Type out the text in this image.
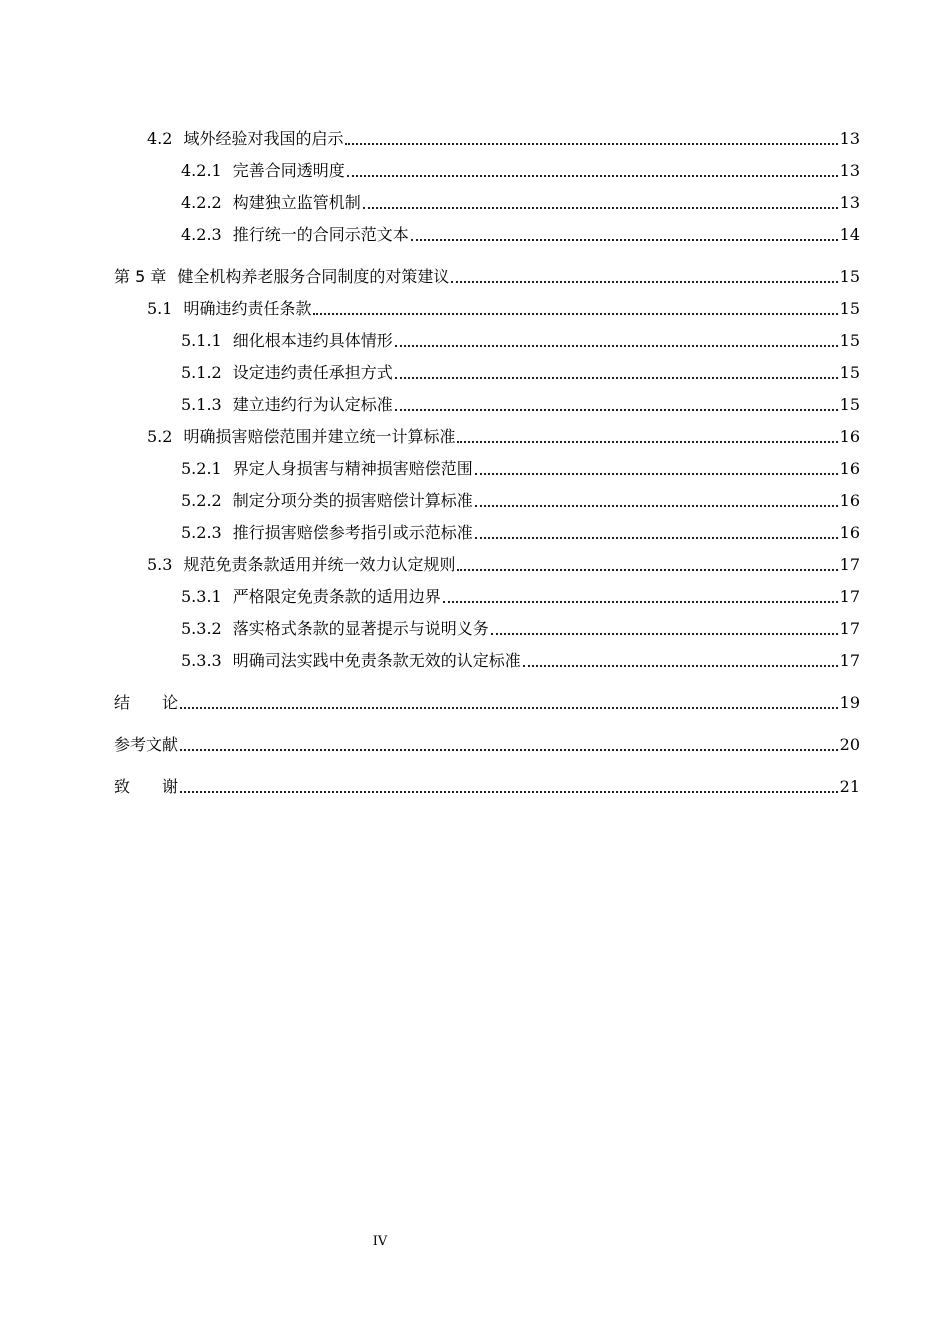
4.2 域外经验对我国的启示	13
4.2.1 完善合同透明度	13
4.2.2 构建独立监管机制	13
4.2.3 推行统一的合同示范文本	14
第 5 章 健全机构养老服务合同制度的对策建议	15
5.1 明确违约责任条款	15
5.1.1 细化根本违约具体情形	15
5.1.2 设定违约责任承担方式	15
5.1.3 建立违约行为认定标准	15
5.2 明确损害赔偿范围并建立统一计算标准	16
5.2.1 界定人身损害与精神损害赔偿范围	16
5.2.2 制定分项分类的损害赔偿计算标准	16
5.2.3 推行损害赔偿参考指引或示范标准	16
5.3 规范免责条款适用并统一效力认定规则	17
5.3.1 严格限定免责条款的适用边界	17
5.3.2 落实格式条款的显著提示与说明义务	17
5.3.3 明确司法实践中免责条款无效的认定标准	17
结　　论	19
参考文献	20
致　　谢	21
IV
